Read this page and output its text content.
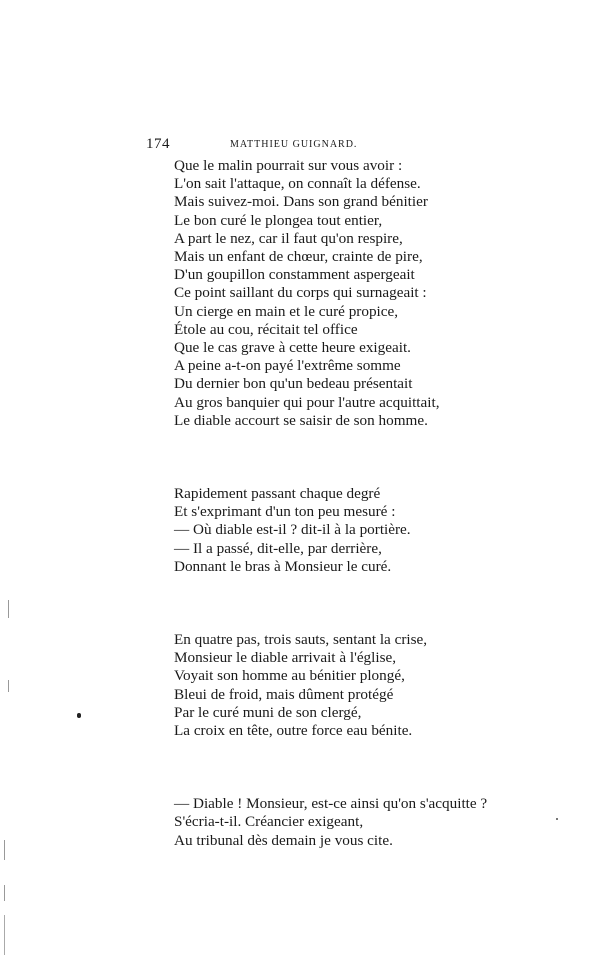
174	MATTHIEU GUIGNARD.
Que le malin pourrait sur vous avoir :
L'on sait l'attaque, on connaît la défense.
Mais suivez-moi. Dans son grand bénitier
Le bon curé le plongea tout entier,
A part le nez, car il faut qu'on respire,
Mais un enfant de chœur, crainte de pire,
D'un goupillon constamment aspergeait
Ce point saillant du corps qui surnageait :
Un cierge en main et le curé propice,
Étole au cou, récitait tel office
Que le cas grave à cette heure exigeait.
A peine a-t-on payé l'extrême somme
Du dernier bon qu'un bedeau présentait
Au gros banquier qui pour l'autre acquittait,
Le diable accourt se saisir de son homme.
Rapidement passant chaque degré
Et s'exprimant d'un ton peu mesuré :
— Où diable est-il ? dit-il à la portière.
— Il a passé, dit-elle, par derrière,
Donnant le bras à Monsieur le curé.
En quatre pas, trois sauts, sentant la crise,
Monsieur le diable arrivait à l'église,
Voyait son homme au bénitier plongé,
Bleui de froid, mais dûment protégé
Par le curé muni de son clergé,
La croix en tête, outre force eau bénite.
— Diable ! Monsieur, est-ce ainsi qu'on s'acquitte ?
S'écria-t-il. Créancier exigeant,
Au tribunal dès demain je vous cite.
